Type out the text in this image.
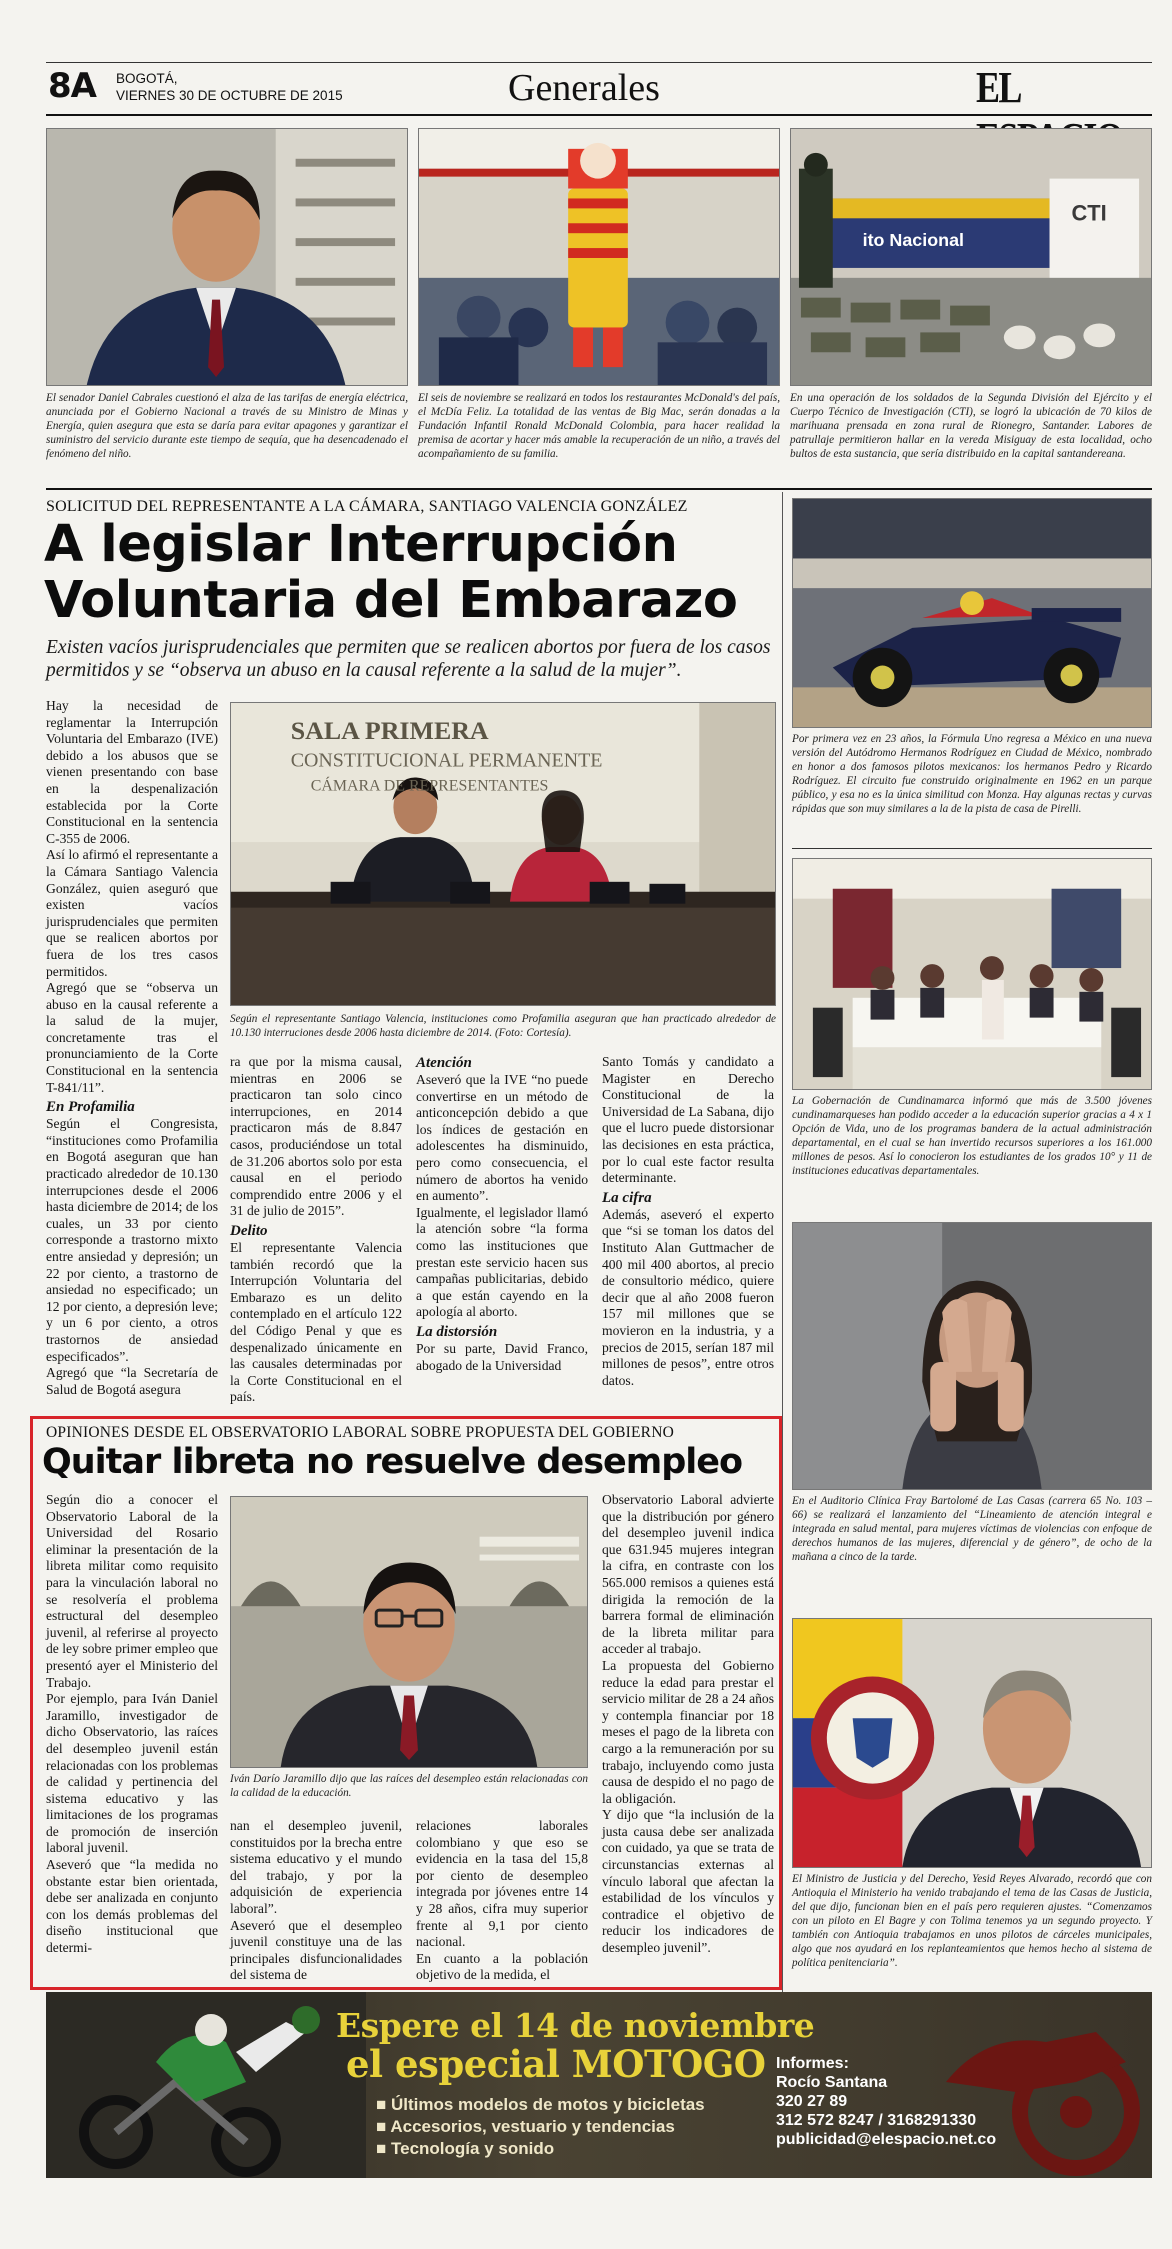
8A BOGOTÁ,
VIERNES 30 DE OCTUBRE DE 2015	Generales	EL
ito Nacional
CTI
El senador Daniel Cabrales cuestionó el alza de las tarifas de energía eléctrica, anunciada por el Gobierno Nacional a través de su Ministro de Minas y Energía, quien asegura que esta se daría para evitar apagones y garantizar el suministro del servicio durante este tiempo de sequía, que ha desencadenado el fenómeno del niño.
El seis de noviembre se realizará en todos los restaurantes McDonald's del país, el McDía Feliz. La totalidad de las ventas de Big Mac, serán donadas a la Fundación Infantil Ronald McDonald Colombia, para hacer realidad la premisa de acortar y hacer más amable la recuperación de un niño, a través del acompañamiento de su familia.
En una operación de los soldados de la Segunda División del Ejército y el Cuerpo Técnico de Investigación (CTI), se logró la ubicación de 70 kilos de marihuana prensada en zona rural de Rionegro, Santander. Labores de patrullaje permitieron hallar en la vereda Misiguay de esta localidad, ocho bultos de esta sustancia, que sería distribuido en la capital santandereana.
SOLICITUD DEL REPRESENTANTE A LA CÁMARA, SANTIAGO VALENCIA GONZÁLEZ
A legislar Interrupción
Voluntaria del Embarazo
Existen vacíos jurisprudenciales que permiten que se realicen abortos por fuera de los casos permitidos y se “observa un abuso en la causal referente a la salud de la mujer”.

Hay la necesidad de reglamentar la Interrupción Voluntaria del Embarazo (IVE) debido a los abusos que se vienen presentando con base en la despenalización establecida por la Corte Constitucional en la sentencia C-355 de 2006.

Así lo afirmó el representante a la Cámara Santiago Valencia González, quien aseguró que existen vacíos jurisprudenciales que permiten que se realicen abortos por fuera de los tres casos permitidos.

Agregó que se “observa un abuso en la causal referente a la salud de la mujer, concretamente tras el pronunciamiento de la Corte Constitucional en la sentencia T-841/11”.

En Profamilia

Según el Congresista, “instituciones como Profamilia en Bogotá aseguran que han practicado alrededor de 10.130 interrupciones desde el 2006 hasta diciembre de 2014; de los cuales, un 33 por ciento corresponde a trastorno mixto entre ansiedad y depresión; un 22 por ciento, a trastorno de ansiedad no especificado; un 12 por ciento, a depresión leve; y un 6 por ciento, a otros trastornos de ansiedad especificados”.

Agregó que “la Secretaría de Salud de Bogotá asegura

SALA PRIMERA
CONSTITUCIONAL PERMANENTE
CÁMARA DE REPRESENTANTES
Según el representante Santiago Valencia, instituciones como Profamilia aseguran que han practicado alrededor de 10.130 interruciones desde 2006 hasta diciembre de 2014. (Foto: Cortesía).

ra que por la misma causal, mientras en 2006 se practicaron tan solo cinco interrupciones, en 2014 practicaron más de 8.847 casos, produciéndose un total de 31.206 abortos solo por esta causal en el periodo comprendido entre 2006 y el 31 de julio de 2015”.

Delito

El representante Valencia también recordó que la Interrupción Voluntaria del Embarazo es un delito contemplado en el artículo 122 del Código Penal y que es despenalizado únicamente en las causales determinadas por la Corte Constitucional en el país.

Atención

Aseveró que la IVE “no puede convertirse en un método de anticoncepción debido a que los índices de gestación en adolescentes ha disminuido, pero como consecuencia, el número de abortos ha venido en aumento”.

Igualmente, el legislador llamó la atención sobre “la forma como las instituciones que prestan este servicio hacen sus campañas publicitarias, debido a que están cayendo en la apología al aborto.

La distorsión

Por su parte, David Franco, abogado de la Universidad

Santo Tomás y candidato a Magister en Derecho Constitucional de la Universidad de La Sabana, dijo que el lucro puede distorsionar las decisiones en esta práctica, por lo cual este factor resulta determinante.

La cifra

Además, aseveró el experto que “si se toman los datos del Instituto Alan Guttmacher de 400 mil 400 abortos, al precio de consultorio médico, quiere decir que al año 2008 fueron 157 mil millones que se movieron en la industria, y a precios de 2015, serían 187 mil millones de pesos”, entre otros datos.

OPINIONES DESDE EL OBSERVATORIO LABORAL SOBRE PROPUESTA DEL GOBIERNO
Quitar libreta no resuelve desempleo

Según dio a conocer el Observatorio Laboral de la Universidad del Rosario eliminar la presentación de la libreta militar como requisito para la vinculación laboral no se resolvería el problema estructural del desempleo juvenil, al referirse al proyecto de ley sobre primer empleo que presentó ayer el Ministerio del Trabajo.

Por ejemplo, para Iván Daniel Jaramillo, investigador de dicho Observatorio, las raíces del desempleo juvenil están relacionadas con los problemas de calidad y pertinencia del sistema educativo y las limitaciones de los programas de promoción de inserción laboral juvenil.

Aseveró que “la medida no obstante estar bien orientada, debe ser analizada en conjunto con los demás problemas del diseño institucional que determi-

Iván Darío Jaramillo dijo que las raíces del desempleo están relacionadas con la calidad de la educación.

nan el desempleo juvenil, constituidos por la brecha entre sistema educativo y el mundo del trabajo, y por la adquisición de experiencia laboral”.

Aseveró que el desempleo juvenil constituye una de las principales disfuncionalidades del sistema de

relaciones laborales colombiano y que eso se evidencia en la tasa del 15,8 por ciento de desempleo integrada por jóvenes entre 14 y 28 años, cifra muy superior frente al 9,1 por ciento nacional.

En cuanto a la población objetivo de la medida, el

Observatorio Laboral advierte que la distribución por género del desempleo juvenil indica que 631.945 mujeres integran la cifra, en contraste con los 565.000 remisos a quienes está dirigida la remoción de la barrera formal de eliminación de la libreta militar para acceder al trabajo.

La propuesta del Gobierno reduce la edad para prestar el servicio militar de 28 a 24 años y contempla financiar por 18 meses el pago de la libreta con cargo a la remuneración por su trabajo, incluyendo como justa causa de despido el no pago de la obligación.

Y dijo que “la inclusión de la justa causa debe ser analizada con cuidado, ya que se trata de circunstancias externas al vínculo laboral que afectan la estabilidad de los vínculos y contradice el objetivo de reducir los indicadores de desempleo juvenil”.

Por primera vez en 23 años, la Fórmula Uno regresa a México en una nueva versión del Autódromo Hermanos Rodríguez en Ciudad de México, nombrado en honor a dos famosos pilotos mexicanos: los hermanos Pedro y Ricardo Rodríguez. El circuito fue construido originalmente en 1962 en un parque público, y esa no es la única similitud con Monza. Hay algunas rectas y curvas rápidas que son muy similares a la de la pista de casa de Pirelli.
La Gobernación de Cundinamarca informó que más de 3.500 jóvenes cundinamarqueses han podido acceder a la educación superior gracias a 4 x 1 Opción de Vida, uno de los programas bandera de la actual administración departamental, en el cual se han invertido recursos superiores a los 161.000 millones de pesos. Así lo conocieron los estudiantes de los grados 10° y 11 de instituciones educativas departamentales.
En el Auditorio Clínica Fray Bartolomé de Las Casas (carrera 65 No. 103 – 66) se realizará el lanzamiento del “Lineamiento de atención integral e integrada en salud mental, para mujeres víctimas de violencias con enfoque de derechos humanos de las mujeres, diferencial y de género”, de ocho de la mañana a cinco de la tarde.
El Ministro de Justicia y del Derecho, Yesid Reyes Alvarado, recordó que con Antioquia el Ministerio ha venido trabajando el tema de las Casas de Justicia, del que dijo, funcionan bien en el país pero requieren ajustes. “Comenzamos con un piloto en El Bagre y con Tolima tenemos ya un segundo proyecto. Y también con Antioquia trabajamos en unos pilotos de cárceles municipales, algo que nos ayudará en los replanteamientos que hemos hecho al sistema de política penitenciaria”.
Espere el 14 de noviembre
el especial MOTOGO
■ Últimos modelos de motos y bicicletas
■ Accesorios, vestuario y tendencias
■ Tecnología y sonido
Informes:
Rocío Santana
320 27 89
312 572 8247 / 3168291330
publicidad@elespacio.net.co
